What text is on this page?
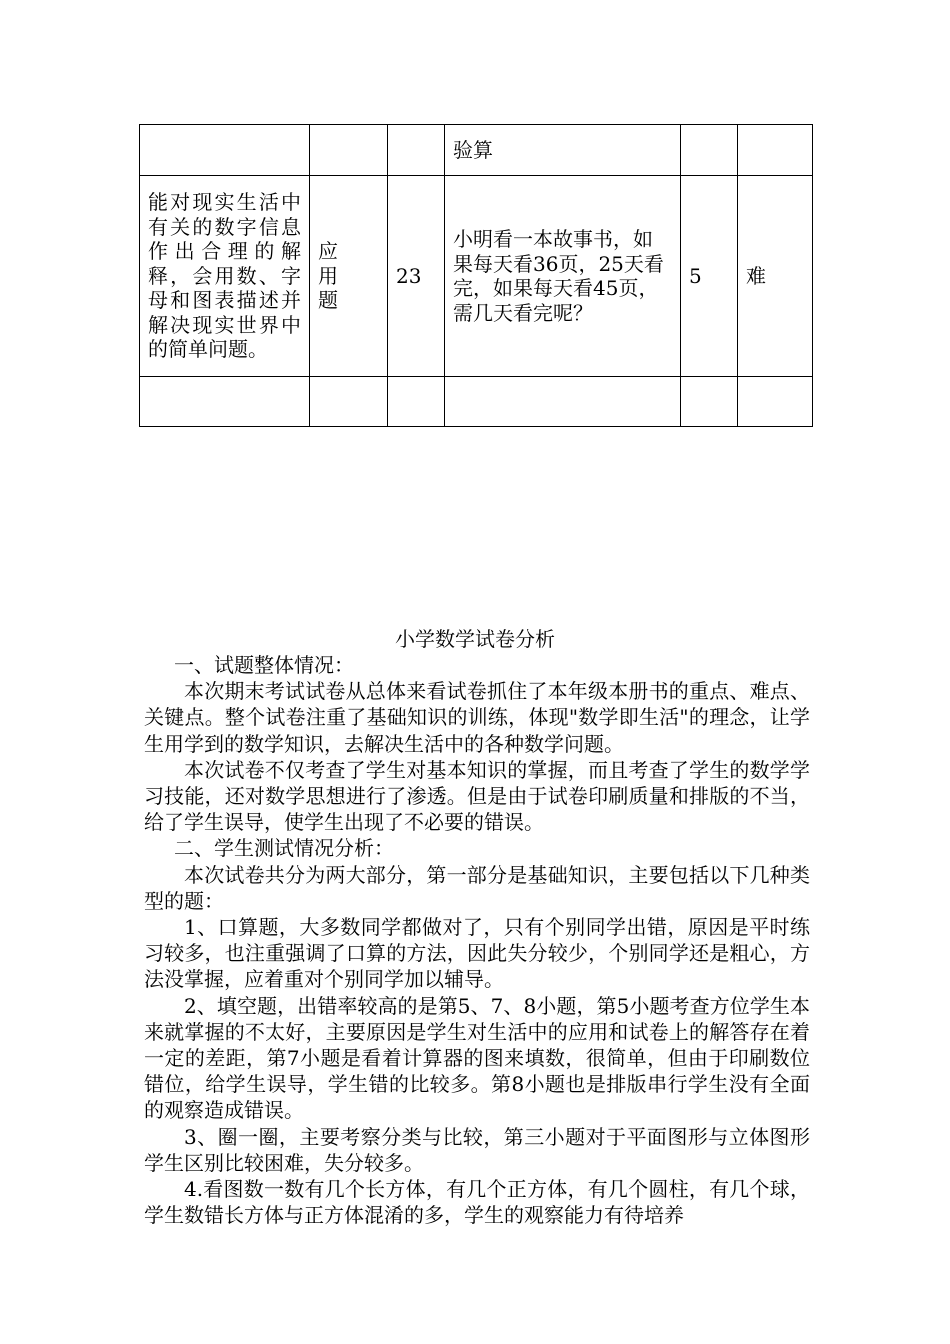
			验算		
能对现实生活中有关的数字信息作出合理的解释，会用数、字母和图表描述并解决现实世界中的简单问题。	应用题	23	小明看一本故事书，如果每天看36页，25天看完，如果每天看45页，需几天看完呢？	5	难

小学数学试卷分析

一、试题整体情况：

本次期末考试试卷从总体来看试卷抓住了本年级本册书的重点、难点、关键点。整个试卷注重了基础知识的训练，体现"数学即生活"的理念，让学生用学到的数学知识，去解决生活中的各种数学问题。

本次试卷不仅考查了学生对基本知识的掌握，而且考查了学生的数学学习技能，还对数学思想进行了渗透。但是由于试卷印刷质量和排版的不当，给了学生误导，使学生出现了不必要的错误。

二、学生测试情况分析：

本次试卷共分为两大部分，第一部分是基础知识，主要包括以下几种类型的题：

1、口算题，大多数同学都做对了，只有个别同学出错，原因是平时练习较多，也注重强调了口算的方法，因此失分较少，个别同学还是粗心，方法没掌握，应着重对个别同学加以辅导。

2、填空题，出错率较高的是第5、7、8小题，第5小题考查方位学生本来就掌握的不太好，主要原因是学生对生活中的应用和试卷上的解答存在着一定的差距，第7小题是看着计算器的图来填数，很简单，但由于印刷数位错位，给学生误导，学生错的比较多。第8小题也是排版串行学生没有全面的观察造成错误。

3、圈一圈，主要考察分类与比较，第三小题对于平面图形与立体图形学生区别比较困难，失分较多。

4.看图数一数有几个长方体，有几个正方体，有几个圆柱，有几个球，学生数错长方体与正方体混淆的多，学生的观察能力有待培养
